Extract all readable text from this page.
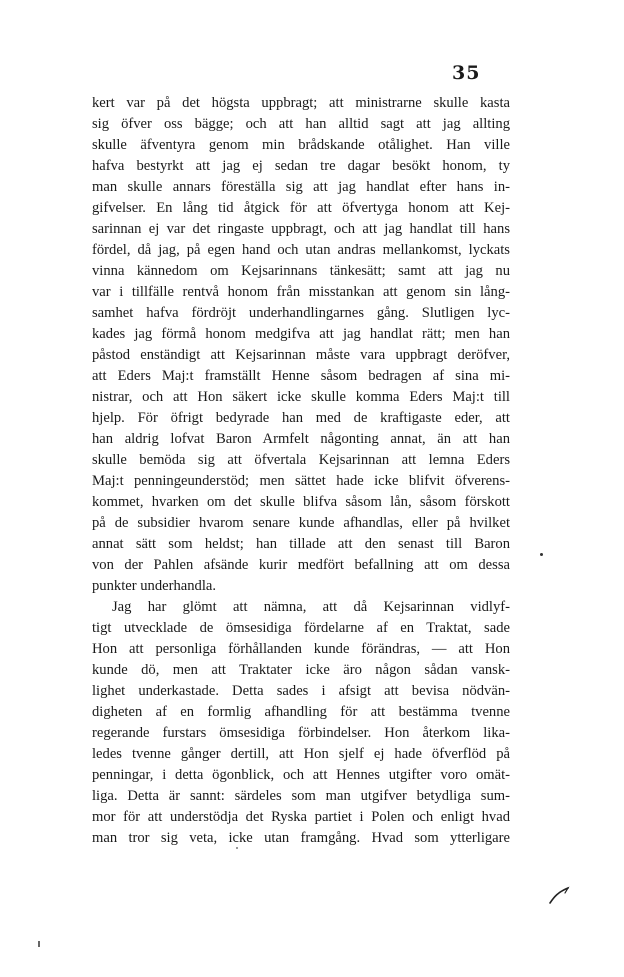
35

kert var på det högsta uppbragt; att ministrarne skulle kasta
sig öfver oss bägge; och att han alltid sagt att jag allting
skulle äfventyra genom min brådskande otålighet. Han ville
hafva bestyrkt att jag ej sedan tre dagar besökt honom, ty
man skulle annars föreställa sig att jag handlat efter hans in-
gifvelser. En lång tid åtgick för att öfvertyga honom att Kej-
sarinnan ej var det ringaste uppbragt, och att jag handlat till hans
fördel, då jag, på egen hand och utan andras mellankomst, lyckats
vinna kännedom om Kejsarinnans tänkesätt; samt att jag nu
var i tillfälle rentvå honom från misstankan att genom sin lång-
samhet hafva fördröjt underhandlingarnes gång. Slutligen lyc-
kades jag förmå honom medgifva att jag handlat rätt; men han
påstod enständigt att Kejsarinnan måste vara uppbragt deröfver,
att Eders Maj:t framställt Henne såsom bedragen af sina mi-
nistrar, och att Hon säkert icke skulle komma Eders Maj:t till
hjelp. För öfrigt bedyrade han med de kraftigaste eder, att
han aldrig lofvat Baron Armfelt någonting annat, än att han
skulle bemöda sig att öfvertala Kejsarinnan att lemna Eders
Maj:t penningeunderstöd; men sättet hade icke blifvit öfverens-
kommet, hvarken om det skulle blifva såsom lån, såsom förskott
på de subsidier hvarom senare kunde afhandlas, eller på hvilket
annat sätt som heldst; han tillade att den senast till Baron
von der Pahlen afsände kurir medfört befallning att om dessa
punkter underhandla.

Jag har glömt att nämna, att då Kejsarinnan vidlyf-
tigt utvecklade de ömsesidiga fördelarne af en Traktat, sade
Hon att personliga förhållanden kunde förändras, — att Hon
kunde dö, men att Traktater icke äro någon sådan vansk-
lighet underkastade. Detta sades i afsigt att bevisa nödvän-
digheten af en formlig afhandling för att bestämma tvenne
regerande furstars ömsesidiga förbindelser. Hon återkom lika-
ledes tvenne gånger dertill, att Hon sjelf ej hade öfverflöd på
penningar, i detta ögonblick, och att Hennes utgifter voro omät-
liga. Detta är sannt: särdeles som man utgifver betydliga sum-
mor för att understödja det Ryska partiet i Polen och enligt hvad
man tror sig veta, icke utan framgång. Hvad som ytterligare
